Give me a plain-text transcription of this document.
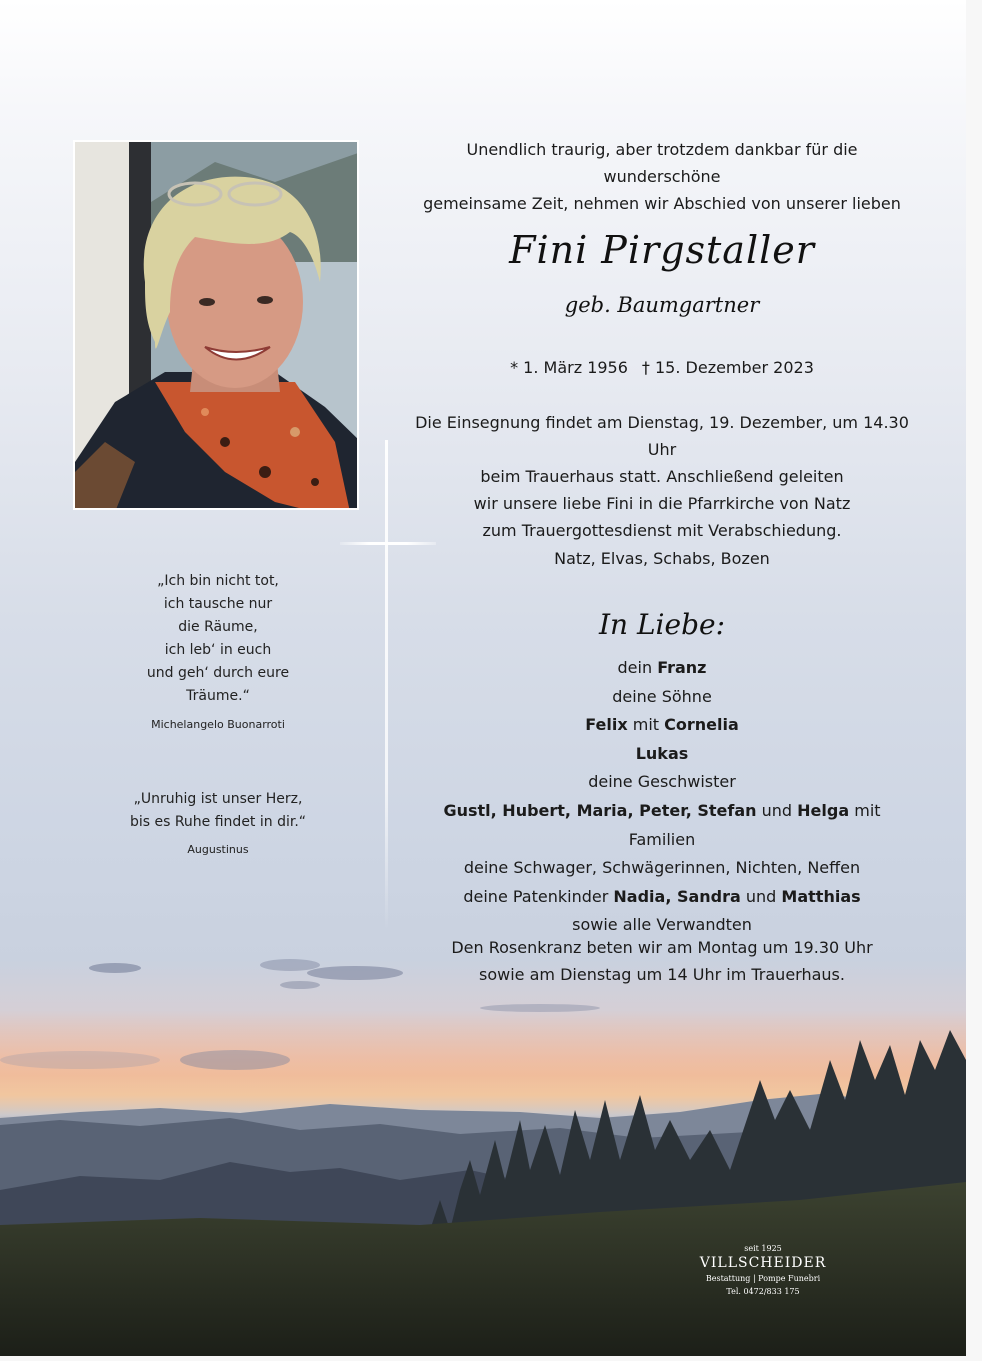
Unendlich traurig, aber trotzdem dankbar für die wunderschöne
gemeinsame Zeit, nehmen wir Abschied von unserer lieben
Fini Pirgstaller
geb. Baumgartner
* 1. März 1956 † 15. Dezember 2023
Die Einsegnung findet am Dienstag, 19. Dezember, um 14.30 Uhr
beim Trauerhaus statt. Anschließend geleiten
wir unsere liebe Fini in die Pfarrkirche von Natz
zum Trauergottesdienst mit Verabschiedung.
Natz, Elvas, Schabs, Bozen
In Liebe:
dein Franz
deine Söhne
Felix mit Cornelia
Lukas
deine Geschwister
Gustl, Hubert, Maria, Peter, Stefan und Helga mit Familien
deine Schwager, Schwägerinnen, Nichten, Neffen
deine Patenkinder Nadia, Sandra und Matthias
sowie alle Verwandten
Den Rosenkranz beten wir am Montag um 19.30 Uhr
sowie am Dienstag um 14 Uhr im Trauerhaus.
„Ich bin nicht tot,
ich tausche nur
die Räume,
ich leb‘ in euch
und geh‘ durch eure
Träume.“
Michelangelo Buonarroti
„Unruhig ist unser Herz,
bis es Ruhe findet in dir.“
Augustinus
seit 1925
VILLSCHEIDER
Bestattung | Pompe Funebri
Tel. 0472/833 175
